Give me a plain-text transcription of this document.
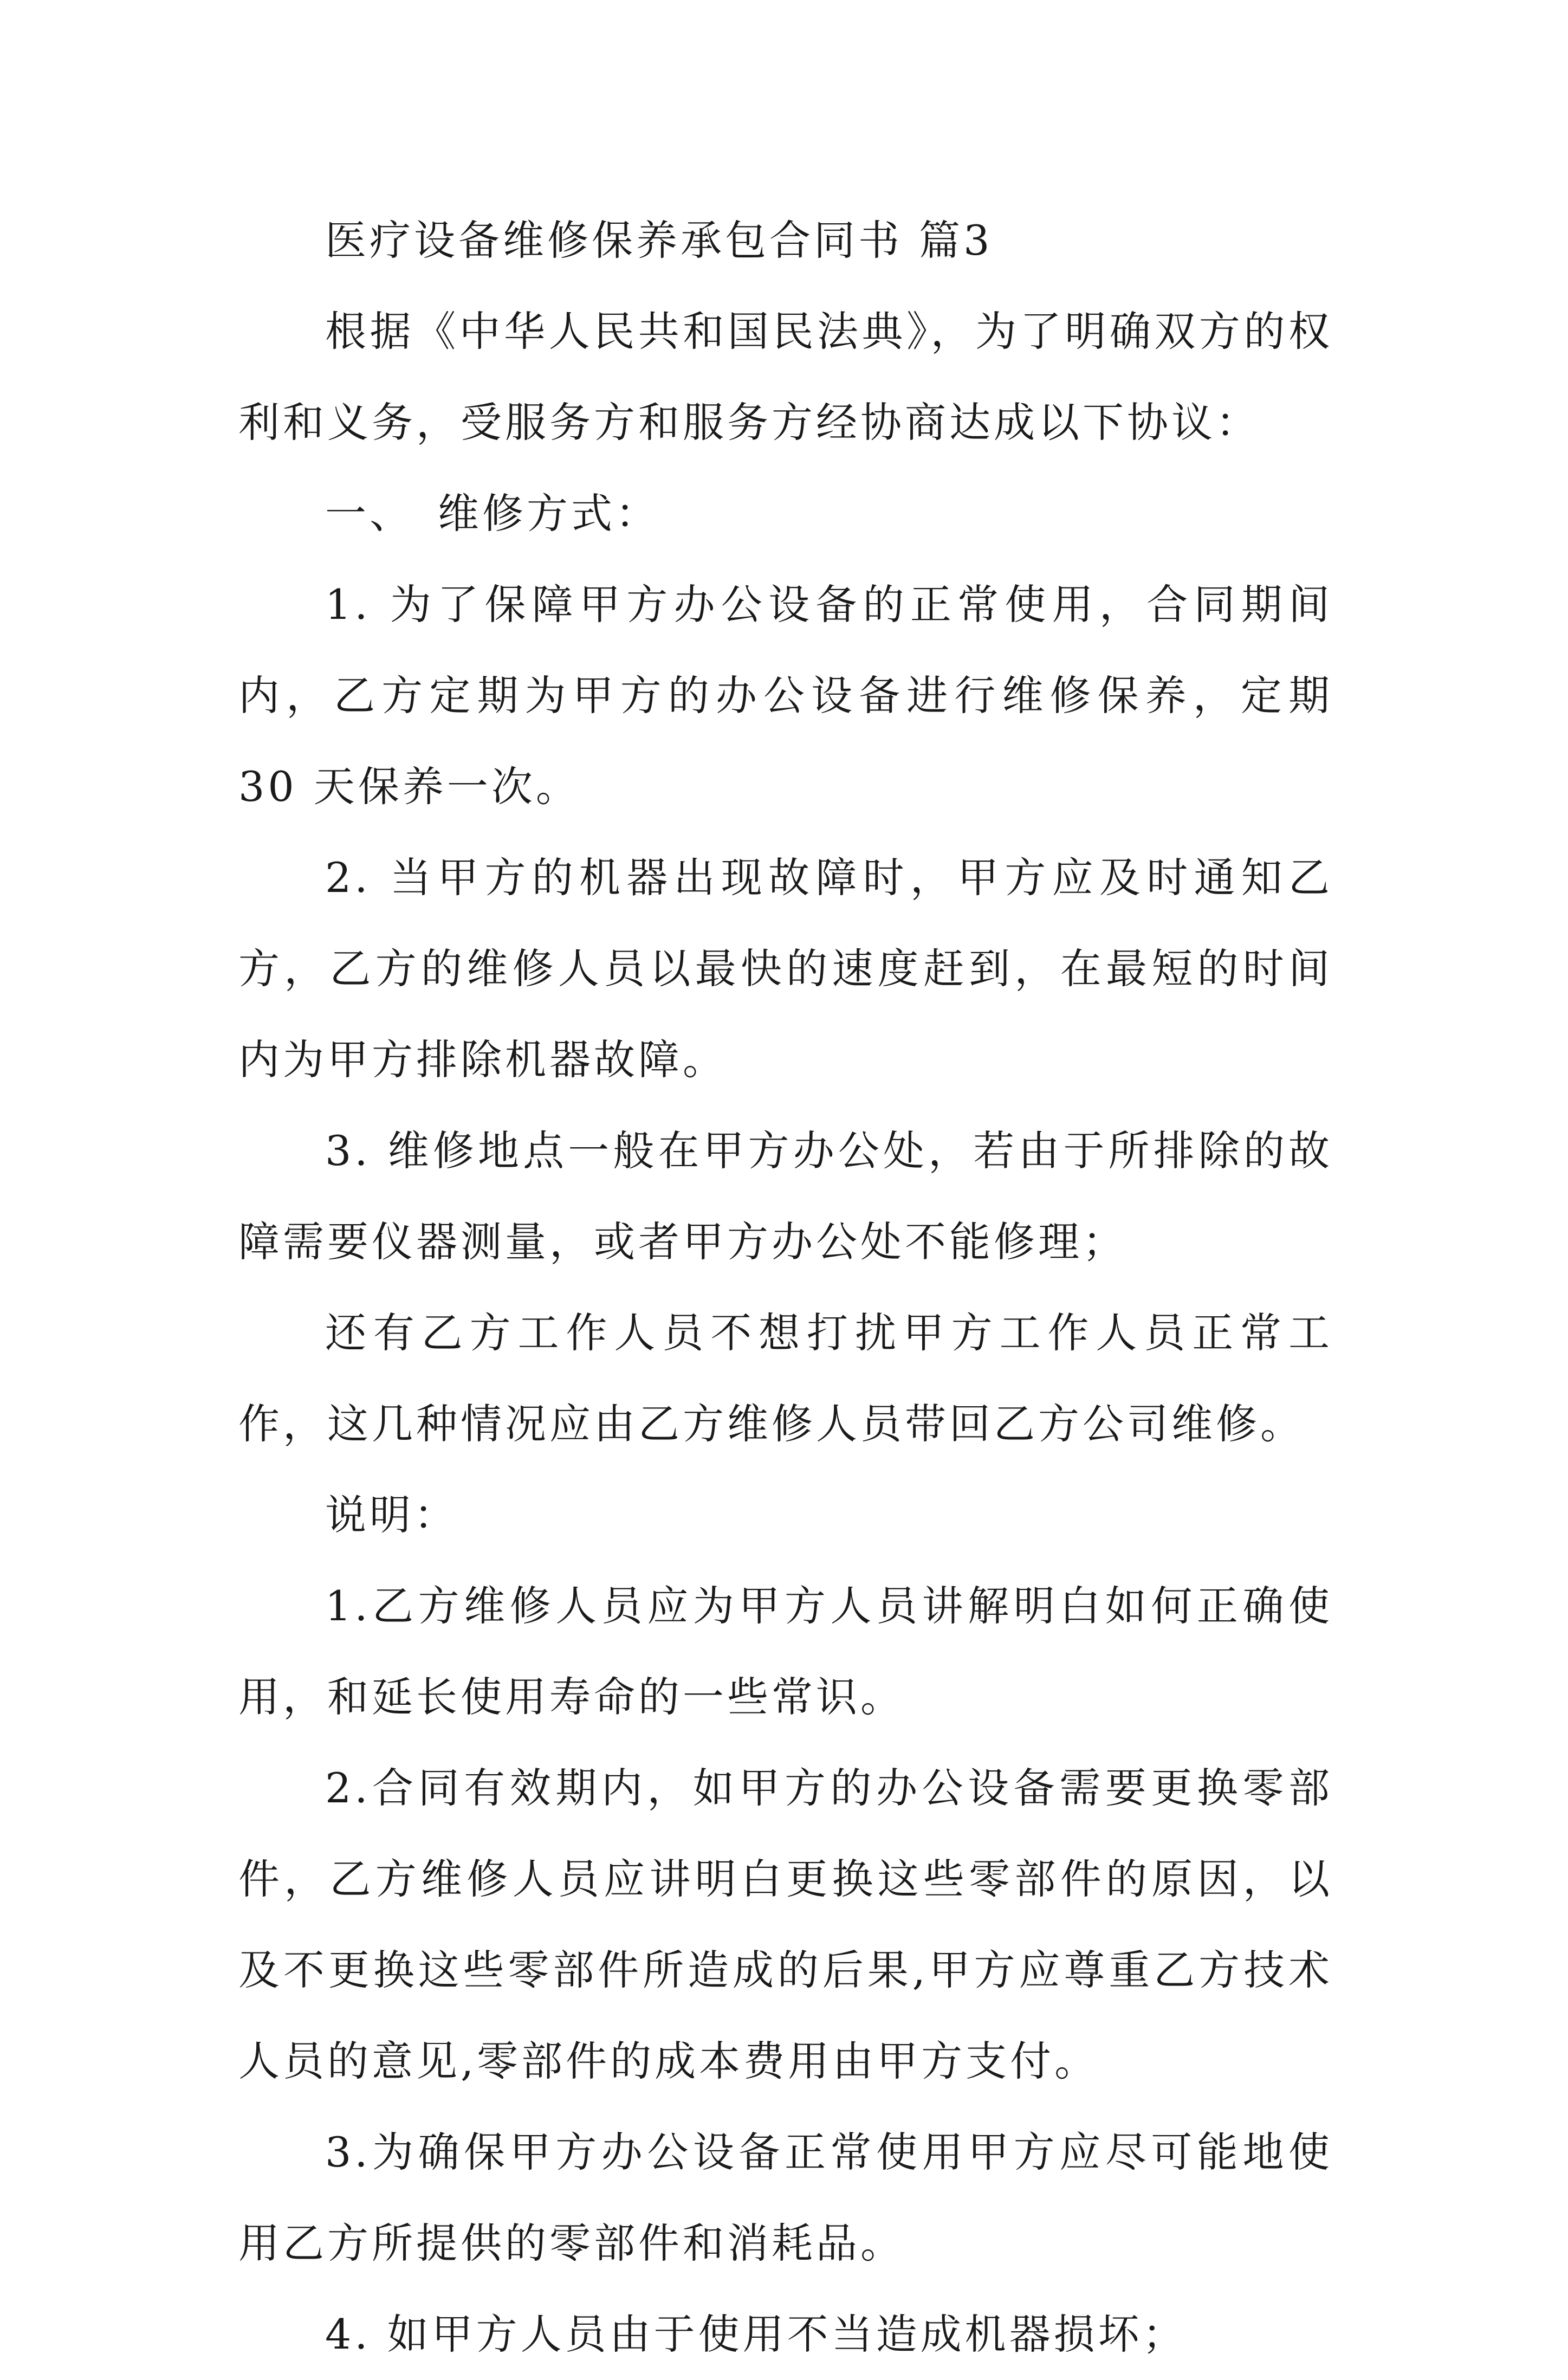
医疗设备维修保养承包合同书 篇3

根据《中华人民共和国民法典》，为了明确双方的权利和义务，受服务方和服务方经协商达成以下协议：

一、　维修方式：

1. 为了保障甲方办公设备的正常使用，合同期间内，乙方定期为甲方的办公设备进行维修保养，定期 30 天保养一次。

2. 当甲方的机器出现故障时，甲方应及时通知乙方，乙方的维修人员以最快的速度赶到，在最短的时间内为甲方排除机器故障。

3. 维修地点一般在甲方办公处，若由于所排除的故障需要仪器测量，或者甲方办公处不能修理；

还有乙方工作人员不想打扰甲方工作人员正常工作，这几种情况应由乙方维修人员带回乙方公司维修。

说明：

1.乙方维修人员应为甲方人员讲解明白如何正确使用，和延长使用寿命的一些常识。

2.合同有效期内，如甲方的办公设备需要更换零部件，乙方维修人员应讲明白更换这些零部件的原因，以及不更换这些零部件所造成的后果,甲方应尊重乙方技术人员的意见,零部件的成本费用由甲方支付。

3.为确保甲方办公设备正常使用甲方应尽可能地使用乙方所提供的零部件和消耗品。

4. 如甲方人员由于使用不当造成机器损坏；
